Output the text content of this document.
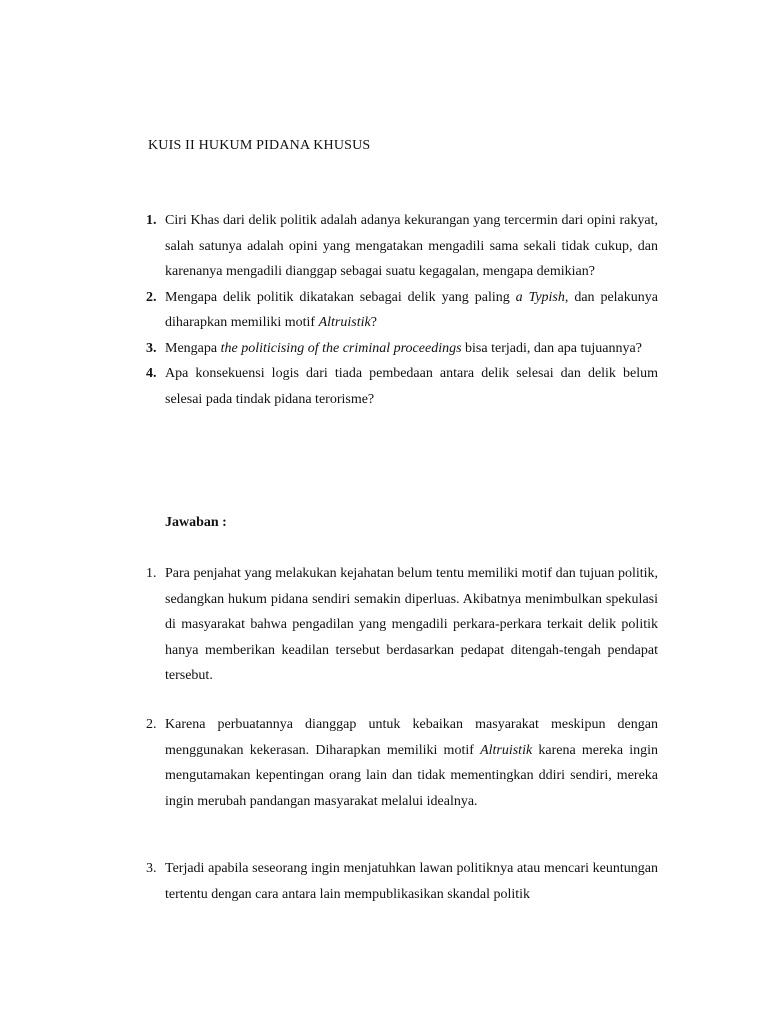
KUIS II HUKUM PIDANA KHUSUS
1. Ciri Khas dari delik politik adalah adanya kekurangan yang tercermin dari opini rakyat, salah satunya adalah opini yang mengatakan mengadili sama sekali tidak cukup, dan karenanya mengadili dianggap sebagai suatu kegagalan, mengapa demikian?
2. Mengapa delik politik dikatakan sebagai delik yang paling a Typish, dan pelakunya diharapkan memiliki motif Altruistik?
3. Mengapa the politicising of the criminal proceedings bisa terjadi, dan apa tujuannya?
4. Apa konsekuensi logis dari tiada pembedaan antara delik selesai dan delik belum selesai pada tindak pidana terorisme?
Jawaban :
1. Para penjahat yang melakukan kejahatan belum tentu memiliki motif dan tujuan politik, sedangkan hukum pidana sendiri semakin diperluas. Akibatnya menimbulkan spekulasi di masyarakat bahwa pengadilan yang mengadili perkara-perkara terkait delik politik hanya memberikan keadilan tersebut berdasarkan pedapat ditengah-tengah pendapat tersebut.
2. Karena perbuatannya dianggap untuk kebaikan masyarakat meskipun dengan menggunakan kekerasan. Diharapkan memiliki motif Altruistik karena mereka ingin mengutamakan kepentingan orang lain dan tidak mementingkan ddiri sendiri, mereka ingin merubah pandangan masyarakat melalui idealnya.
3. Terjadi apabila seseorang ingin menjatuhkan lawan politiknya atau mencari keuntungan tertentu dengan cara antara lain mempublikasikan skandal politik
